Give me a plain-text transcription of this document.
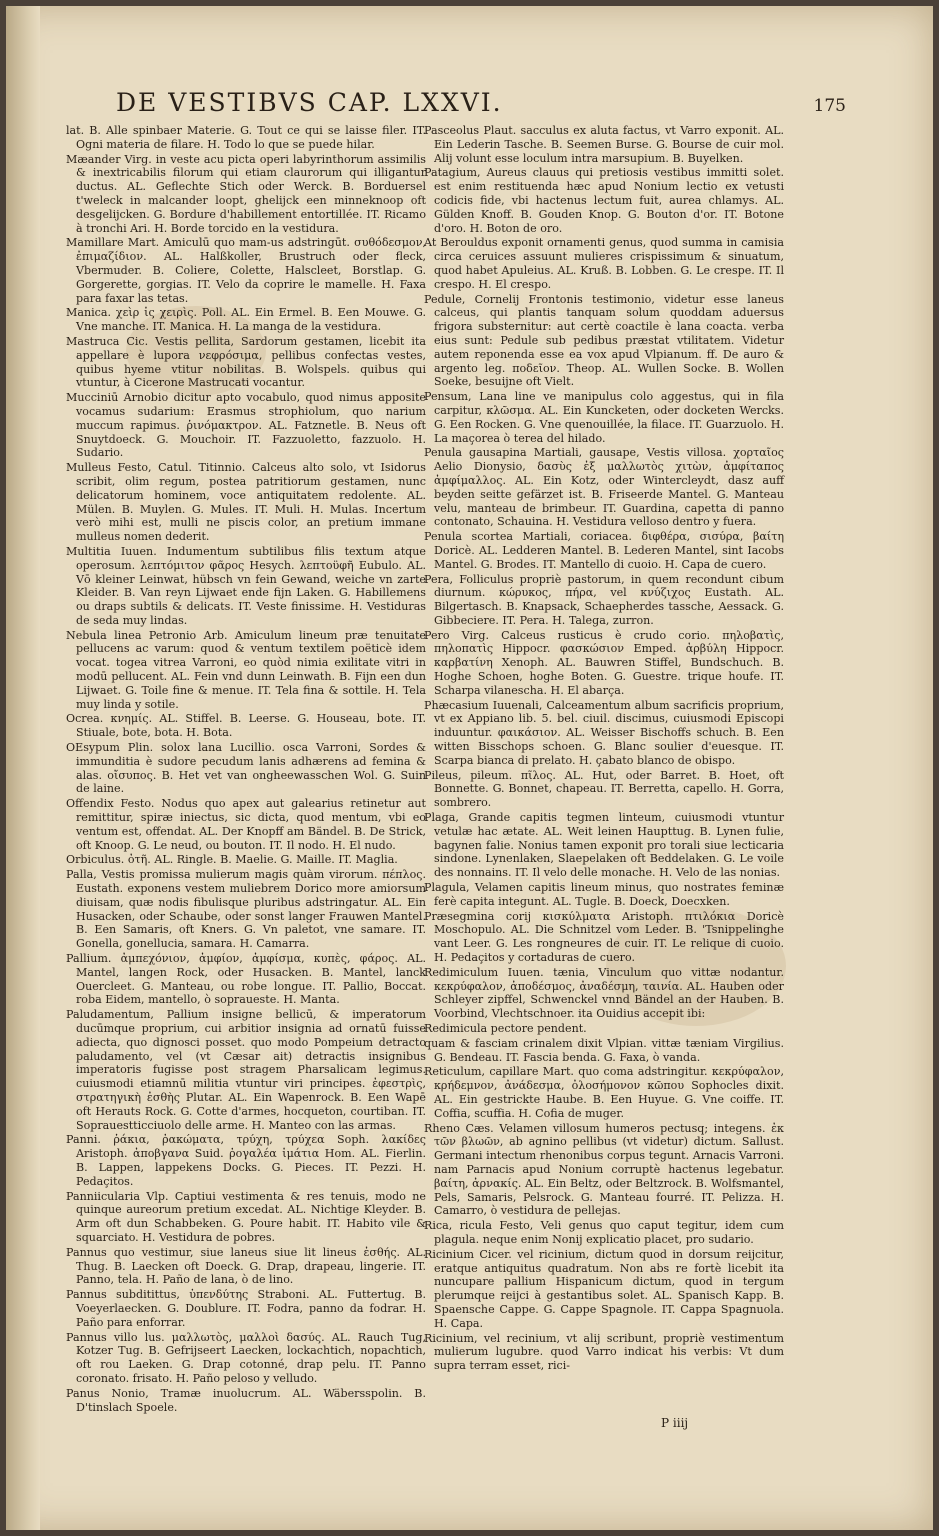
DE VESTIBVS CAP. LXXVI.	175

lat. B. Alle spinbaer Materie. G. Tout ce qui se laisse filer. IT. Ogni materia de filare. H. Todo lo que se puede hilar.

Mæander Virg. in veste acu picta operi labyrinthorum assimilis & inextricabilis filorum qui etiam claurorum qui illigantur ductus. AL. Geflechte Stich oder Werck. B. Borduersel t'weleck in malcander loopt, ghelijck een minneknoop oft desgelijcken. G. Bordure d'habillement entortillée. IT. Ricamo à tronchi Ari. H. Borde torcido en la vestidura.

Mamillare Mart. Amiculū quo mam-us adstringūt. συθόδεσμον, ἐπιμαζίδιον. AL. Halßkoller, Brustruch oder fleck, Vbermuder. B. Coliere, Colette, Halscleet, Borstlap. G. Gorgerette, gorgias. IT. Velo da coprire le mamelle. H. Faxa para faxar las tetas.

Manica. χεὶρ ἱς χειρὶς. Poll. AL. Ein Ermel. B. Een Mouwe. G. Vne manche. IT. Manica. H. La manga de la vestidura.

Mastruca Cic. Vestis pellita, Sardorum gestamen, licebit ita appellare è lupora νεφρόσιμα, pellibus confectas vestes, quibus hyeme vtitur nobilitas. B. Wolspels. quibus qui vtuntur, à Cicerone Mastrucati vocantur.

Mucciniū Arnobio dicitur apto vocabulo, quod nimus apposite vocamus sudarium: Erasmus strophiolum, quo narium muccum rapimus. ῥινόμακτρον. AL. Fatznetle. B. Neus oft Snuytdoeck. G. Mouchoir. IT. Fazzuoletto, fazzuolo. H. Sudario.

Mulleus Festo, Catul. Titinnio. Calceus alto solo, vt Isidorus scribit, olim regum, postea patritiorum gestamen, nunc delicatorum hominem, voce antiquitatem redolente. AL. Mülen. B. Muylen. G. Mules. IT. Muli. H. Mulas. Incertum verò mihi est, mulli ne piscis color, an pretium immane mulleus nomen dederit.

Multitia Iuuen. Indumentum subtilibus filis textum atque operosum. λεπτόμιτον φᾶρος Hesych. λεπτοϋφῆ Eubulo. AL. Vō kleiner Leinwat, hübsch vn fein Gewand, weiche vn zarte Kleider. B. Van reyn Lijwaet ende fijn Laken. G. Habillemens ou draps subtils & delicats. IT. Veste finissime. H. Vestiduras de seda muy lindas.

Nebula linea Petronio Arb. Amiculum lineum præ tenuitate pellucens ac varum: quod & ventum textilem poëticè idem vocat. togea vitrea Varroni, eo quòd nimia exilitate vitri in modū pellucent. AL. Fein vnd dunn Leinwath. B. Fijn een dun Lijwaet. G. Toile fine & menue. IT. Tela fina & sottile. H. Tela muy linda y sotile.

Ocrea. κνημίς. AL. Stiffel. B. Leerse. G. Houseau, bote. IT. Stiuale, bote, bota. H. Bota.

OEsypum Plin. solox lana Lucillio. osca Varroni, Sordes & immunditia è sudore pecudum lanis adhærens ad femina & alas. οἴσυπος. B. Het vet van ongheewasschen Wol. G. Suin de laine.

Offendix Festo. Nodus quo apex aut galearius retinetur aut remittitur, spiræ iniectus, sic dicta, quod mentum, vbi eo ventum est, offendat. AL. Der Knopff am Bändel. B. De Strick, oft Knoop. G. Le neud, ou bouton. IT. Il nodo. H. El nudo.

Orbiculus. ὀτῆ. AL. Ringle. B. Maelie. G. Maille. IT. Maglia.

Palla, Vestis promissa mulierum magis quàm virorum. πέπλος. Eustath. exponens vestem muliebrem Dorico more amiorsum diuisam, quæ nodis fibulisque pluribus adstringatur. AL. Ein Husacken, oder Schaube, oder sonst langer Frauwen Mantel. B. Een Samaris, oft Kners. G. Vn paletot, vne samare. IT. Gonella, gonellucia, samara. H. Camarra.

Pallium. ἀμπεχόνιον, ἀμφίον, ἀμφίσμα, κυπὲς, φάρος. AL. Mantel, langen Rock, oder Husacken. B. Mantel, lanck Ouercleet. G. Manteau, ou robe longue. IT. Pallio, Boccat. roba Eidem, mantello, ò sopraueste. H. Manta.

Paludamentum, Pallium insigne bellicū, & imperatorum ducūmque proprium, cui arbitior insignia ad ornatū fuisse adiecta, quo dignosci posset. quo modo Pompeium detracto paludamento, vel (vt Cæsar ait) detractis insignibus imperatoris fugisse post stragem Pharsalicam legimus. cuiusmodi etiamnū militia vtuntur viri principes. ἐφεστρὶς, στρατηγικὴ ἐσθὴς Plutar. AL. Ein Wapenrock. B. Een Wapē oft Herauts Rock. G. Cotte d'armes, hocqueton, courtiban. IT. Soprauestticciuolo delle arme. H. Manteo con las armas.

Panni. ῥάκια, ῥακώματα, τρύχη, τρύχεα Soph. λακίδες Aristoph. ἀποβγανα Suid. ῥογαλέα ἱμάτια Hom. AL. Fierlin. B. Lappen, lappekens Docks. G. Pieces. IT. Pezzi. H. Pedaçitos.

Panniicularia Vlp. Captiui vestimenta & res tenuis, modo ne quinque aureorum pretium excedat. AL. Nichtige Kleyder. B. Arm oft dun Schabbeken. G. Poure habit. IT. Habito vile & squarciato. H. Vestidura de pobres.

Pannus quo vestimur, siue laneus siue lit lineus ἐσθής. AL. Thug. B. Laecken oft Doeck. G. Drap, drapeau, lingerie. IT. Panno, tela. H. Paño de lana, ò de lino.

Pannus subditittus, ὑπενδύτης Straboni. AL. Futtertug. B. Voeyerlaecken. G. Doublure. IT. Fodra, panno da fodrar. H. Paño para enforrar.

Pannus villo lus. μαλλωτὸς, μαλλοὶ δασύς. AL. Rauch Tug, Kotzer Tug. B. Gefrijseert Laecken, lockachtich, nopachtich, oft rou Laeken. G. Drap cotonné, drap pelu. IT. Panno coronato. frisato. H. Paño peloso y velludo.

Panus Nonio, Tramæ inuolucrum. AL. Wäbersspolin. B. D'tinslach Spoele.

Pasceolus Plaut. sacculus ex aluta factus, vt Varro exponit. AL. Ein Lederin Tasche. B. Seemen Burse. G. Bourse de cuir mol. Alij volunt esse loculum intra marsupium. B. Buyelken.

Patagium, Aureus clauus qui pretiosis vestibus immitti solet. est enim restituenda hæc apud Nonium lectio ex vetusti codicis fide, vbi hactenus lectum fuit, aurea chlamys. AL. Gülden Knoff. B. Gouden Knop. G. Bouton d'or. IT. Botone d'oro. H. Boton de oro.

At Berouldus exponit ornamenti genus, quod summa in camisia circa ceruices assuunt mulieres crispissimum & sinuatum, quod habet Apuleius. AL. Kruß. B. Lobben. G. Le crespe. IT. Il crespo. H. El crespo.

Pedule, Cornelij Frontonis testimonio, videtur esse laneus calceus, qui plantis tanquam solum quoddam aduersus frigora substernitur: aut certè coactile è lana coacta. verba eius sunt: Pedule sub pedibus præstat vtilitatem. Videtur autem reponenda esse ea vox apud Vlpianum. ff. De auro & argento leg. ποδεῖον. Theop. AL. Wullen Socke. B. Wollen Soeke, besuijne oft Vielt.

Pensum, Lana line ve manipulus colo aggestus, qui in fila carpitur, κλῶσμα. AL. Ein Kuncketen, oder docketen Wercks. G. Een Rocken. G. Vne quenouillée, la filace. IT. Guarzuolo. H. La maçorea ò terea del hilado.

Penula gausapina Martiali, gausape, Vestis villosa. χορταῖος Aelio Dionysio, δασὺς ἐξ μαλλωτὸς χιτὼν, ἀμφίταπος ἀμφίμαλλος. AL. Ein Kotz, oder Wintercleydt, dasz auff beyden seitte gefärzet ist. B. Friseerde Mantel. G. Manteau velu, manteau de brimbeur. IT. Guardina, capetta di panno contonato, Schauina. H. Vestidura velloso dentro y fuera.

Penula scortea Martiali, coriacea. διφθέρα, σισύρα, βαίτη Doricè. AL. Ledderen Mantel. B. Lederen Mantel, sint Iacobs Mantel. G. Brodes. IT. Mantello di cuoio. H. Capa de cuero.

Pera, Folliculus propriè pastorum, in quem recondunt cibum diurnum. κώρυκος, πήρα, vel κνύζιχος Eustath. AL. Bilgertasch. B. Knapsack, Schaepherdes tassche, Aessack. G. Gibbeciere. IT. Pera. H. Talega, zurron.

Pero Virg. Calceus rusticus è crudo corio. πηλοβατὶς, πηλοπατὶς Hippocr. φασκώσιον Emped. ἀρβύλη Hippocr. καρβατίνη Xenoph. AL. Bauwren Stiffel, Bundschuch. B. Hoghe Schoen, hoghe Boten. G. Guestre. trique houfe. IT. Scharpa vilanescha. H. El abarça.

Phæcasium Iuuenali, Calceamentum album sacrificis proprium, vt ex Appiano lib. 5. bel. ciuil. discimus, cuiusmodi Episcopi induuntur. φαικάσιον. AL. Weisser Bischoffs schuch. B. Een witten Bisschops schoen. G. Blanc soulier d'euesque. IT. Scarpa bianca di prelato. H. çabato blanco de obispo.

Pileus, pileum. πῖλος. AL. Hut, oder Barret. B. Hoet, oft Bonnette. G. Bonnet, chapeau. IT. Berretta, capello. H. Gorra, sombrero.

Plaga, Grande capitis tegmen linteum, cuiusmodi vtuntur vetulæ hac ætate. AL. Weit leinen Haupttug. B. Lynen fulie, bagynen falie. Nonius tamen exponit pro torali siue lecticaria sindone. Lynenlaken, Slaepelaken oft Beddelaken. G. Le voile des nonnains. IT. Il velo delle monache. H. Velo de las nonias.

Plagula, Velamen capitis lineum minus, quo nostrates feminæ ferè capita integunt. AL. Tugle. B. Doeck, Doecxken.

Præsegmina corij κισκύλματα Aristoph. πτιλόκια Doricè Moschopulo. AL. Die Schnitzel vom Leder. B. 'Tsnippelinghe vant Leer. G. Les rongneures de cuir. IT. Le relique di cuoio. H. Pedaçitos y cortaduras de cuero.

Redimiculum Iuuen. tænia, Vinculum quo vittæ nodantur. κεκρύφαλον, ἀποδέσμος, ἀναδέσμη, ταινία. AL. Hauben oder Schleyer zipffel, Schwenckel vnnd Bändel an der Hauben. B. Voorbind, Vlechtschnoer. ita Ouidius accepit ibi:

Redimicula pectore pendent.

quam & fasciam crinalem dixit Vlpian. vittæ tæniam Virgilius. G. Bendeau. IT. Fascia benda. G. Faxa, ò vanda.

Reticulum, capillare Mart. quo coma adstringitur. κεκρύφαλον, κρήδεμνον, ἀνάδεσμα, ὀλοσήμονον κῶπου Sophocles dixit. AL. Ein gestrickte Haube. B. Een Huyue. G. Vne coiffe. IT. Coffia, scuffia. H. Cofia de muger.

Rheno Cæs. Velamen villosum humeros pectusq; integens. ἐκ τῶν βλωῶν, ab agnino pellibus (vt videtur) dictum. Sallust. Germani intectum rhenonibus corpus tegunt. Arnacis Varroni. nam Parnacis apud Nonium corruptè hactenus legebatur. βαίτη, ἀρνακίς. AL. Ein Beltz, oder Beltzrock. B. Wolfsmantel, Pels, Samaris, Pelsrock. G. Manteau fourré. IT. Pelizza. H. Camarro, ò vestidura de pellejas.

Rica, ricula Festo, Veli genus quo caput tegitur, idem cum plagula. neque enim Nonij explicatio placet, pro sudario.

Ricinium Cicer. vel ricinium, dictum quod in dorsum reijcitur, eratque antiquitus quadratum. Non abs re fortè licebit ita nuncupare pallium Hispanicum dictum, quod in tergum plerumque reijci à gestantibus solet. AL. Spanisch Kapp. B. Spaensche Cappe. G. Cappe Spagnole. IT. Cappa Spagnuola. H. Capa.

Ricinium, vel recinium, vt alij scribunt, propriè vestimentum mulierum lugubre. quod Varro indicat his verbis: Vt dum supra terram esset, rici-

P iiij
